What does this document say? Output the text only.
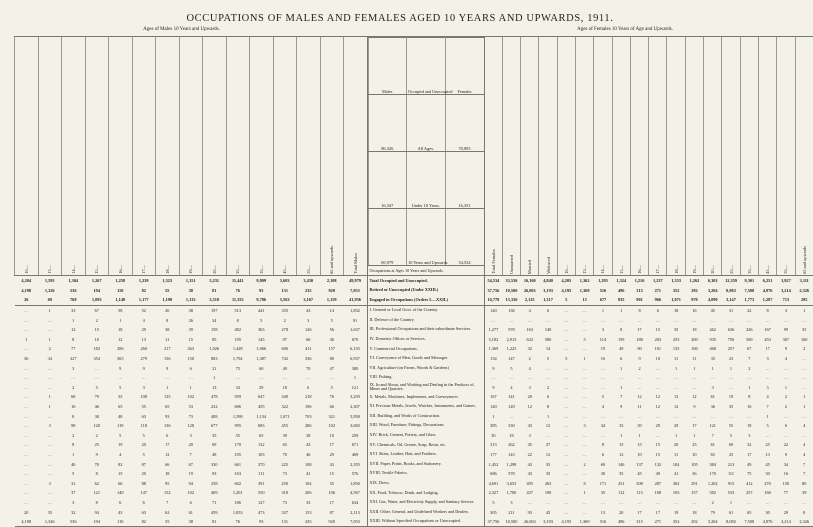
OCCUPATIONS OF MALES AND FEMALES AGED 10 YEARS AND UPWARDS, 1911.
Ages of Males 10 Years and Upwards.	Ages of Females 10 Years of Age and Upwards.
10—	13—	14—	15—	16—	17—	18—	19—	20—	25—	35—	45—	55—	65 and upwards.	Total Males	
Males	Occupied and Unoccupied	Females
86,326	All Ages.	70,895
16,347	Under 10 Years.	16,351
69,979	10 Years and Upwards	54,534
Occupations at Ages 10 Years and Upwards.	Total Females	Unmarried	Married	Widowed	10—	13—	14—	15—	16—	17—	18—	19—	20—	25—	35—	45—	55—	65 and upwards
4,204	1,595	1,304	1,267	1,258	1,239	1,323	1,151	5,231	11,441	9,809	5,603	3,430	2,108	49,979	Total Occupied and Unoccupied.	54,534	33,536	16,160	4,840	4,205	1,362	1,293	1,324	1,216	1,237	1,333	1,262	6,303	12,359	9,301	6,251	3,927	3,111
4,198	1,326	536	194	110	82	55	38	81	76	93	131	235	920	7,053	Retired or Unoccupied (Under XXIII.)	37,756	10,500	26,063	3,193	4,195	1,369	516	496	315	271	352	292	3,204	8,082	7,508	4,976	3,214	2,326
26	69	768	1,093	1,148	1,177	1,190	1,133	5,510	11,355	9,786	5,563	3,167	1,159	41,936	Engaged in Occupations (Orders I.—XXII.)	16,778	13,336	2,125	1,317	5	13	677	835	901	966	1,071	970	4,099	3,147	1,773	1,287	713	285
…	1	33	67	58	52	20	38	197	513	441	335	43	14	1,832	I. General or Local Govt. of the Country.	140	136	4	6	…	…	1	1	8	6	18	16	45	31	22	8	3	1
…	…	1	2	1	4	8	26	34	8	5	2	3	5	91	II. Defence of the Country.	…	…	…	…	…	…	…	…	…	…	…	…	…	…	…	…	…	…
…	…	12	15	18	29	38	39	158	482	363	278	126	56	1,637	III. Professional Occupations and their subordinate Services.	1,277	978	163	140	…	…	3	8	17	15	35	18	262	636	226	167	99	35
1	1	8	10	12	13	11	15	85	195	145	97	66	36	670	IV. Domestic Offices or Services.	5,182	2,915	632	580	…	5	114	159	188	203	253	209	935	756	569	453	367	160
…	2	77	182	206	260	217	263	1,026	1,428	1,066	606	411	157	6,135	V. Commercial Occupations.	1,369	1,223	32	14	…	…	19	49	90	101	135	106	468	257	67	17	9	2
36	34	327	354	365	279	156	150	883	1,794	1,387	742	336	80	6,937	VI. Conveyance of Men, Goods and Messages	154	147	2	5	5	1	16	6	9	10	11	11	35	23	7	3	4	…
…	…	3	…	9	9	9	6	21	75	60	49	70	47	380	VII. Agriculture (on Farms, Woods & Gardens)	9	5	4	…	…	…	…	1	2	…	1	1	1	1	2	…	…	…
…	…	…	…	…	…	…	…	1	…	…	…	…	…	1	VIII. Fishing.	…	…	…	…	…	…	…	…	…	…	…	…	…	…	…	…	…	…
…	…	2	5	5	3	1	1	13	33	29	18	6	5	121	IX. In and About, and Working and Dealing in the Products of, Mines and Quarries.	9	4	3	2	…	…	…	1	…	…	…	…	3	…	1	3	1	…
…	1	68	79	55	108	135	102	478	959	647	349	218	76	3,259	X. Metals, Machines, Implements, and Conveyances.	167	141	20	6	…	…	5	7	12	12	13	12	61	19	8	4	2	1
…	1	16	46	65	55	65	53	232	686	455	322	196	66	2,307	XI. Precious Metals, Jewels, Watches, Instruments, and Games.	140	120	12	8	…	…	4	9	11	12	12	9	36	35	16	7	2	1
…	…	8	30	48	63	93	73	408	1,598	1,134	1,071	703	321	5,958	XII. Building, and Works of Construction.	1	…	…	1	…	…	…	…	…	…	…	…	…	…	…	1	…	…
…	3	98	120	119	118	136	128	677	995	683	455	286	102	3,683	XIII. Wood, Furniture, Fittings, Decorations.	385	330	43	12	…	3	34	33	39	29	29	17	121	55	18	5	6	4
…	…	2	2	5	5	6	3	35	55	65	39	38	10	259	XIV. Brick, Cement, Pottery, and Glass.	30	18	3	…	…	…	…	1	1	…	1	1	7	5	3	…	…	…
…	…	8	25	19	20	17	20	69	170	132	65	43	17	671	XV. Chemicals, Oil, Grease, Soap, Resin, etc.	313	262	45	37	…	…	8	15	15	15	20	25	61	69	32	25	22	4
…	…	1	9	4	5	12	7	48	105	103	70	46	29	469	XVI. Skins, Leather, Hair, and Feathers.	177	143	22	12	…	…	6	12	10	15	11	10	65	25	17	13	9	4
…	…	46	70	82	87	66	67	330	661	370	225	108	43	2,355	XVII. Paper, Prints, Books, and Stationery.	1,452	1,298	43	35	…	2	69	146	137	132	104	105	384	213	49	45	34	7
…	…	5	8	15	20	18	19	93	163	111	73	41	15	576	XVIII. Textile Fabrics.	686	578	43	35	…	…	30	35	45	49	41	36	170	111	75	50	16	7
…	3	31	62	66	88	95	94	258	602	391	250	104	55	1,850	XIX. Dress.	4,691	3,653	495	263	…	8	171	251	308	287	302	291	1,202	915	412	270	150	80
…	…	37	121	140	147	152	102	469	1,201	550	318	206	106	4,567	XX. Food, Tobacco, Drink, and Lodging.	2,327	1,700	437	190	…	1	35	112	113	108	103	157	582	533	257	160	77	39
…	…	3	8	6	6	7	6	71	186	127	73	33	17	634	XXI. Gas, Water, and Electricity Supply, and Sanitary Service.	5	3	…	…	…	…	…	…	…	…	…	…	2	1	…	…	…	…
20	35	32	94	43	63	62	61	459	1,053	473	337	153	87	2,113	XXII. Other, General, and Undefined Workers and Dealers.	305	211	93	45	…	…	13	20	17	17	19	18	79	61	65	30	29	8
4,198	1,326	536	194	110	82	55	38	81	76	93	131	235	920	7,053	XXIII. Without Specified Occupations or Unoccupied.	37,756	10,500	26,063	3,193	4,195	1,369	516	496	315	271	352	292	3,204	8,082	7,508	4,976	3,214	2,326
